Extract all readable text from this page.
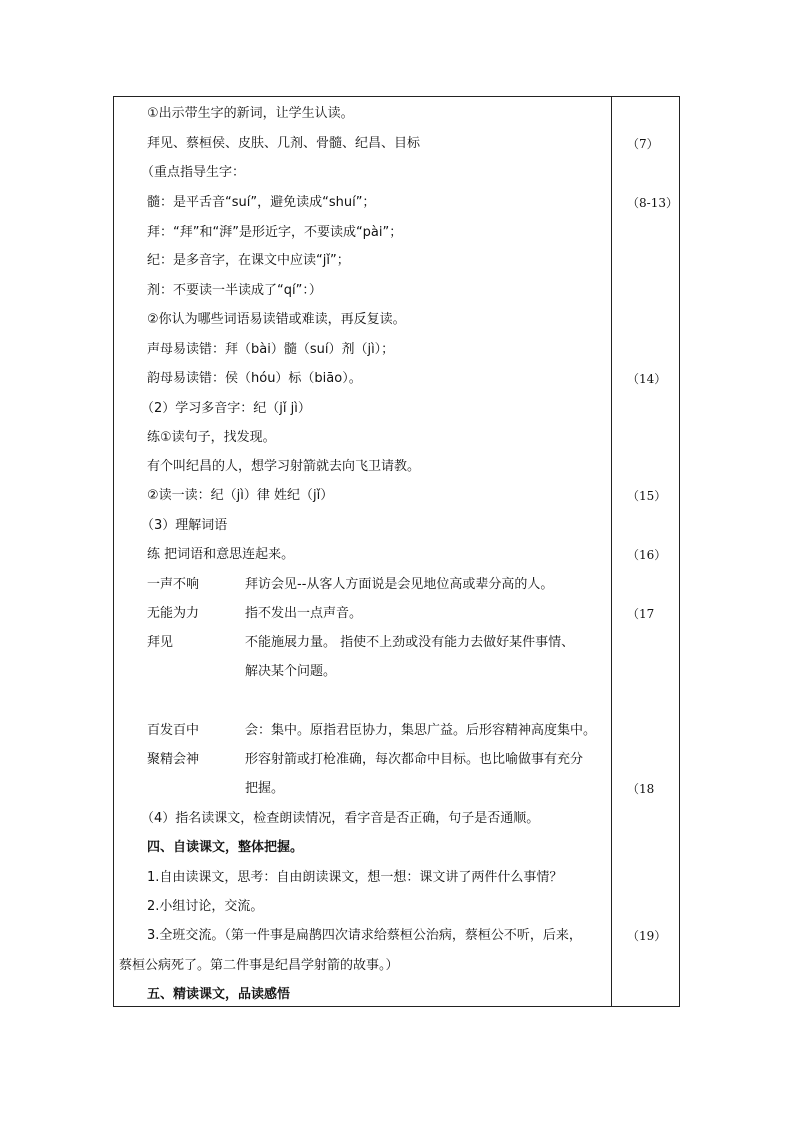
①出示带生字的新词，让学生认读。
拜见、蔡桓侯、皮肤、几剂、骨髓、纪昌、目标
（重点指导生字：
髓：是平舌音“suí”，避免读成“shuí”；
拜：“拜”和“湃”是形近字，不要读成“pài”；
纪：是多音字，在课文中应读“jǐ”；
剂：不要读一半读成了“qí”：）
②你认为哪些词语易读错或难读，再反复读。
声母易读错：拜（bài）髓（suí）剂（jì）；
韵母易读错：侯（hóu）标（biāo）。
（2）学习多音字：纪（jǐ jì）
练①读句子，找发现。
有个叫纪昌的人，想学习射箭就去向飞卫请教。
②读一读：纪（jì）律 姓纪（jǐ）
（3）理解词语
练 把词语和意思连起来。
一声不响
无能为力
拜见
百发百中
聚精会神
拜访会见--从客人方面说是会见地位高或辈分高的人。
指不发出一点声音。
不能施展力量。 指使不上劲或没有能力去做好某件事情、
解决某个问题。
会：集中。原指君臣协力，集思广益。后形容精神高度集中。
形容射箭或打枪准确，每次都命中目标。也比喻做事有充分
把握。
（4）指名读课文，检查朗读情况，看字音是否正确，句子是否通顺。
四、自读课文，整体把握。
1.自由读课文，思考：自由朗读课文，想一想：课文讲了两件什么事情？
2.小组讨论，交流。
3.全班交流。（第一件事是扁鹊四次请求给蔡桓公治病，蔡桓公不听，后来，
蔡桓公病死了。第二件事是纪昌学射箭的故事。）
五、精读课文，品读感悟
（7）
（8-13）
（14）
（15）
（16）
（17
（18
（19）
